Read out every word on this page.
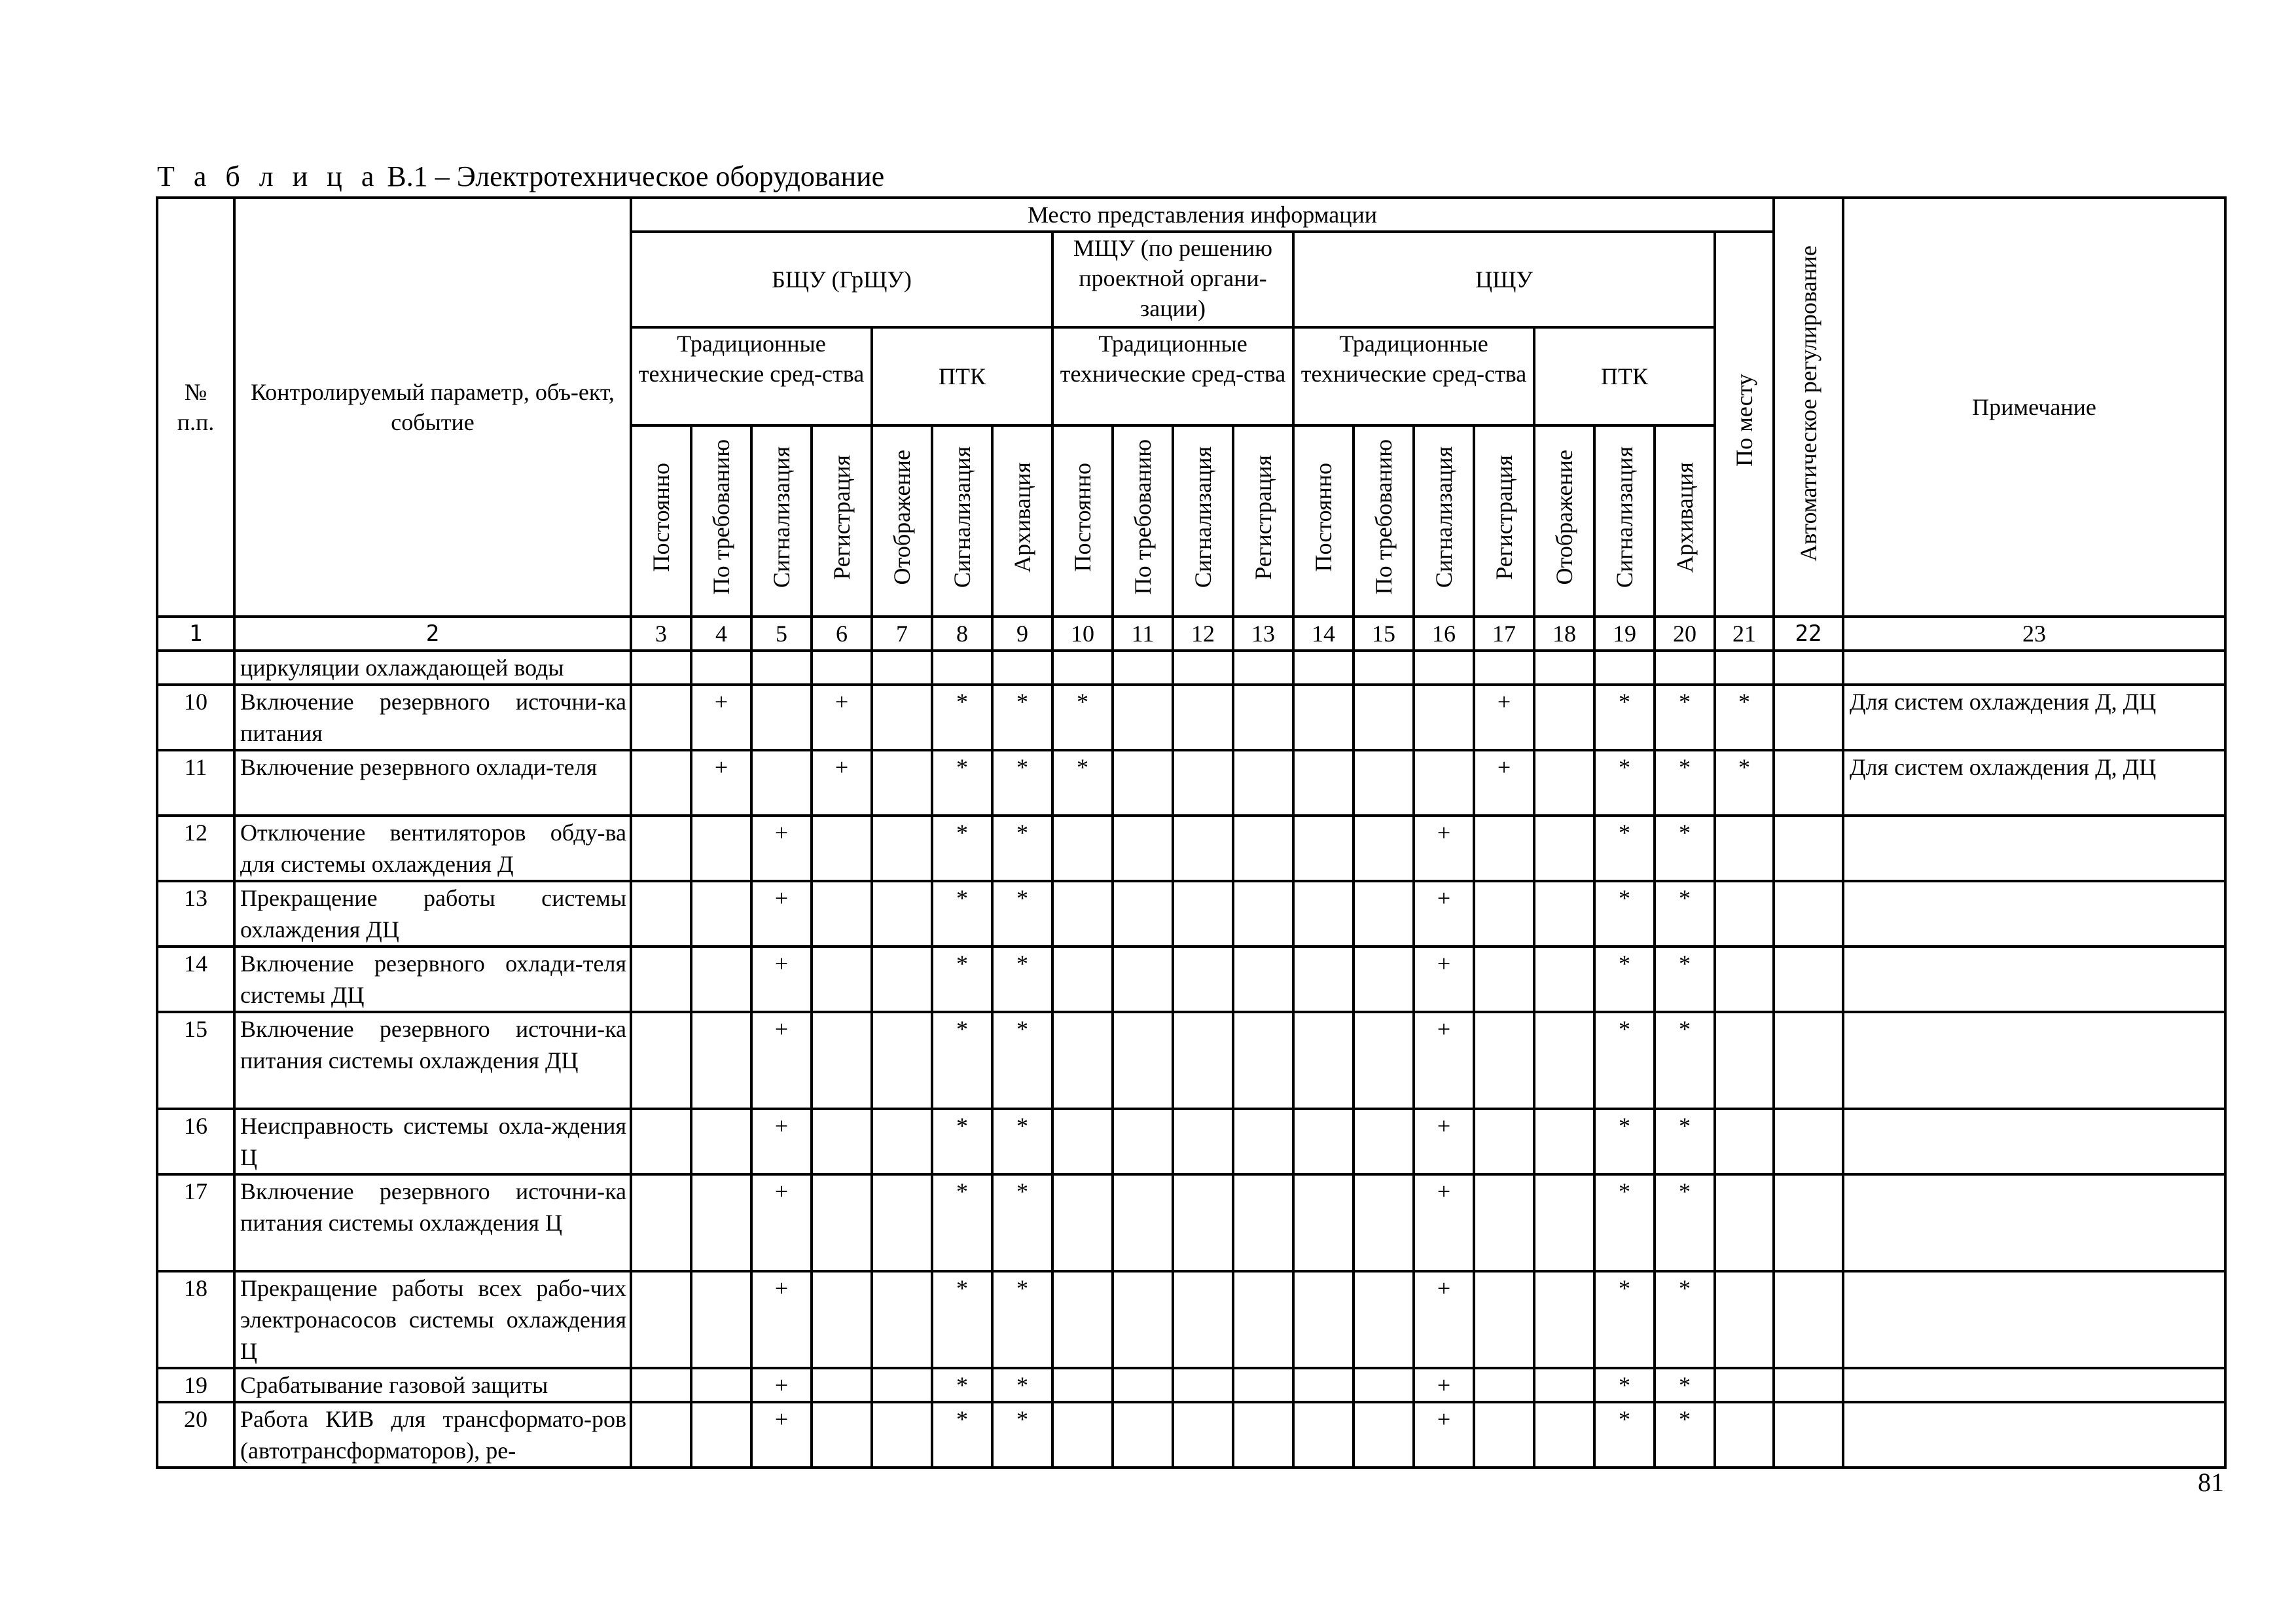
Т а б л и ц а В.1 – Электротехническое оборудование
№ п.п.	Контролируемый параметр, объ-ект, событие	Место представления информации																			Автоматическое регулирование	Примечание
		БЩУ (ГрЩУ)							МЩУ (по решению проектной органи-зации)				ЦЩУ							По месту		
		Традиционные технические сред-ства				ПТК			Традиционные технические сред-ства				Традиционные технические сред-ства				ПТК					
		Постоянно	По требованию	Сигнализация	Регистрация	Отображение	Сигнализация	Архивация	Постоянно	По требованию	Сигнализация	Регистрация	Постоянно	По требованию	Сигнализация	Регистрация	Отображение	Сигнализация	Архивация			
1	2	3	4	5	6	7	8	9	10	11	12	13	14	15	16	17	18	19	20	21	22	23
	циркуляции охлаждающей воды																					
10	Включение резервного источни-ка питания		+		+		*	*	*							+		*	*	*		Для систем охлаждения Д, ДЦ
11	Включение резервного охлади-теля		+		+		*	*	*							+		*	*	*		Для систем охлаждения Д, ДЦ
12	Отключение вентиляторов обду-ва для системы охлаждения Д			+			*	*							+			*	*			
13	Прекращение работы системы охлаждения ДЦ			+			*	*							+			*	*			
14	Включение резервного охлади-теля системы ДЦ			+			*	*							+			*	*			
15	Включение резервного источни-ка питания системы охлаждения ДЦ			+			*	*							+			*	*			
16	Неисправность системы охла-ждения Ц			+			*	*							+			*	*			
17	Включение резервного источни-ка питания системы охлаждения Ц			+			*	*							+			*	*			
18	Прекращение работы всех рабо-чих электронасосов системы охлаждения Ц			+			*	*							+			*	*			
19	Срабатывание газовой защиты			+			*	*							+			*	*			
20	Работа КИВ для трансформато-ров (автотрансформаторов), ре-			+			*	*							+			*	*			
81
